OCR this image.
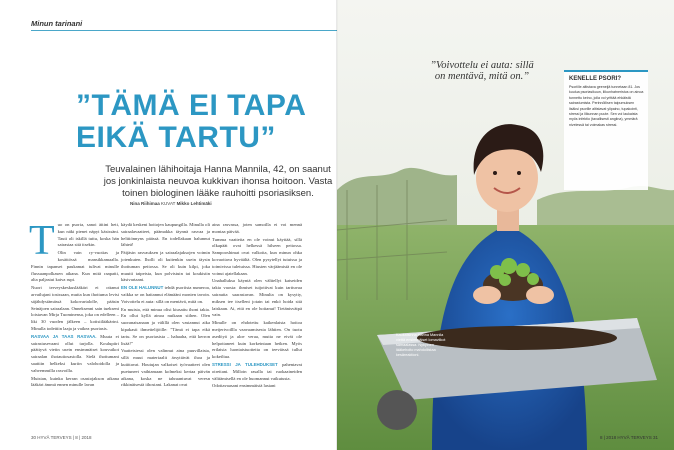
Minun tarinani
”TÄMÄ EI TAPA EIKÄ TARTU”

Teuvalainen lähihoitaja Hanna Mannila, 42, on saanut jos jonkinlaista neuvoa kukkivan ihonsa hoitoon. Vasta toinen biologinen lääke rauhoitti psoriasiksen.

Nina Riihimaa KUVAT Mikko Lehtimäki
T uo on psoria, sanoi äitini heti, kun näki pienet näpyt käsissäni. Tauti oli iskillä tuttu, koska hän sairastaa sitä itsekin.

Olin vain ry-vuotias ja kosättössä mansikkamaalla. Finnin tapanset paukamat tulivat minulle flussuanpolkasen aikana. Kun mitä raapatti, alta paljastui kaiva rupi.

Nuori terveyskeskuslääkäri ei ottanut arvailujani tosissaan, mutta kun ihottuma levisi säjähdystämässä kokovartalolle, pääsin Seinäjoen sairaalaan. Onneksenni sain tuekseni loistavan Mirja Tuominensa, joka on edelleen – liki 30 vuoden jälkeen – kotisiilääkärini. Minulla todettiin laaja ja vaikea psoriasis.

RASVAA JA TAAS RASVAA. Muuta ei sairastusevaani ollut tarjolla. Koulupiiri päättyvä vietin usein ensimmäiset kouvuikot sairaalan ihotautiosastolla. Sielä ihottumani saattiin helkeksi kuriin valohoidolla ja vahvemmilla rasvoilla.

Muistan, kuinka kerran osastojakson aikana lääkäri ämmä ennen minulle lavan

käydä keskeni hoitojen kaupungilla. Minulla oli sairaalavaatteet, päämakka täynnä rasvaa ja helttiönnyns päässä. En todellakaan halunnut lähteä!

Päijäsin rasvauksen ja sairaalajaksojen voimin jotenkuten. Iholli oli kuitenkin usein täysin ihottuman peitossa. Se oli kuin kilpi, joka muutti taipeista, kun polvistuin tai koukistin käsivartaani.

EN OLE HALUNNUT tehdä psoriista numeroa, vaikka se on haitannut elämääni monien tavoin. Voivottelu ei auta: sillä on mentävä, mitä on.

En muista, että minua olisi kiusattu ihoni takia. En ollut kyllä ainoa nuikaan siihen. Olen suoranaisanaan ja välillä olen vastannut aika kipakasti ihmettelijöille: ”Tämä ei tapa eikä tartu. Se on psoriasista – hahaaha, että kerron lisää!”

Vaatteisiessi olen valinnut aina puuvillaista, sillä muut materiaalit ärsyttävät ihoa ja kutittavat. Houtujan valkoisei työvaatteet olen puetuneet vaihtamaan kolmeksi kertaa päivän aikana, koska ne tahraantuvat veresn rikkinäisestä iihostani. Lakanat ovat

aina rasvassa, joten samoilla ei voi mennä montaa päivää.

Tumma vaatteita en ole voinut käyttää, sillä olkapäät ovat helkessä hilseen peitossa. Sampooshimat ovat valkoita, kun minun ohka kovaottava hyväältä. Olen pysytellyt tutuissa ja toimivissa tuletuissa. Hiusten värjäämistä en ole voinut ajatellakaan.

Unahalluksa käyntä olen välttellyt katseiden takia vaosia: ihmiset tuijottivat kuin tarttuvaa sairautta saarastavan. Minulta on kysytty, miksen tee itselleni jotain tai enkö hoida sitä laiskaan. Ai, että en ole hoitanut! Tietänisvätpä vain.

Minulle on ehdotettu kaikenlaista hoitoa meijerivoillla vaavaamisesta lähtien. On tuotu asedöyä ja aloe veraa, mutta ne eivät ole helpottaneet kuin korkeintaan hetken. Myös erilaisia luontaistuotteita on teeviässä tullut kokeiltua.

STRESSI JA TULEHDUKSET pahentavat oireitani. Milloin rasalla tai ruokaaineiden välttämisellä en ole huomannut vaikutusta.

Odottavaasani ensimmäistä lastani

30 HYVÄ TERVEYS | 8 | 2018
”Voivottelu ei auta: sillä on mentävä, mitä on.”	KENELLE PSORI?

Psoriille altistava geeneijä tunnetaan 81. Jos kuulua psoriasikuun, liikunhatneristus on ainoa tunnettu keino, jolla voi yrittää ehkäistä sairastumista. Perinnöllisen taipumuksen lisäksi psorille altistavat ylipaino, tupakointi, stressi ja liikunnan puute. Sen voi laukaista myös infektio (tavallisesti angiina), ymmärä nivelessä tai voimakas stressi.

Kaukaisinna Hanna Mannila viettä ensimmäiset lomaviikot samaalassa. Nykyinen lääkehoito mahdollistaa kesäreaktioni.
8 | 2018 HYVÄ TERVEYS 31
